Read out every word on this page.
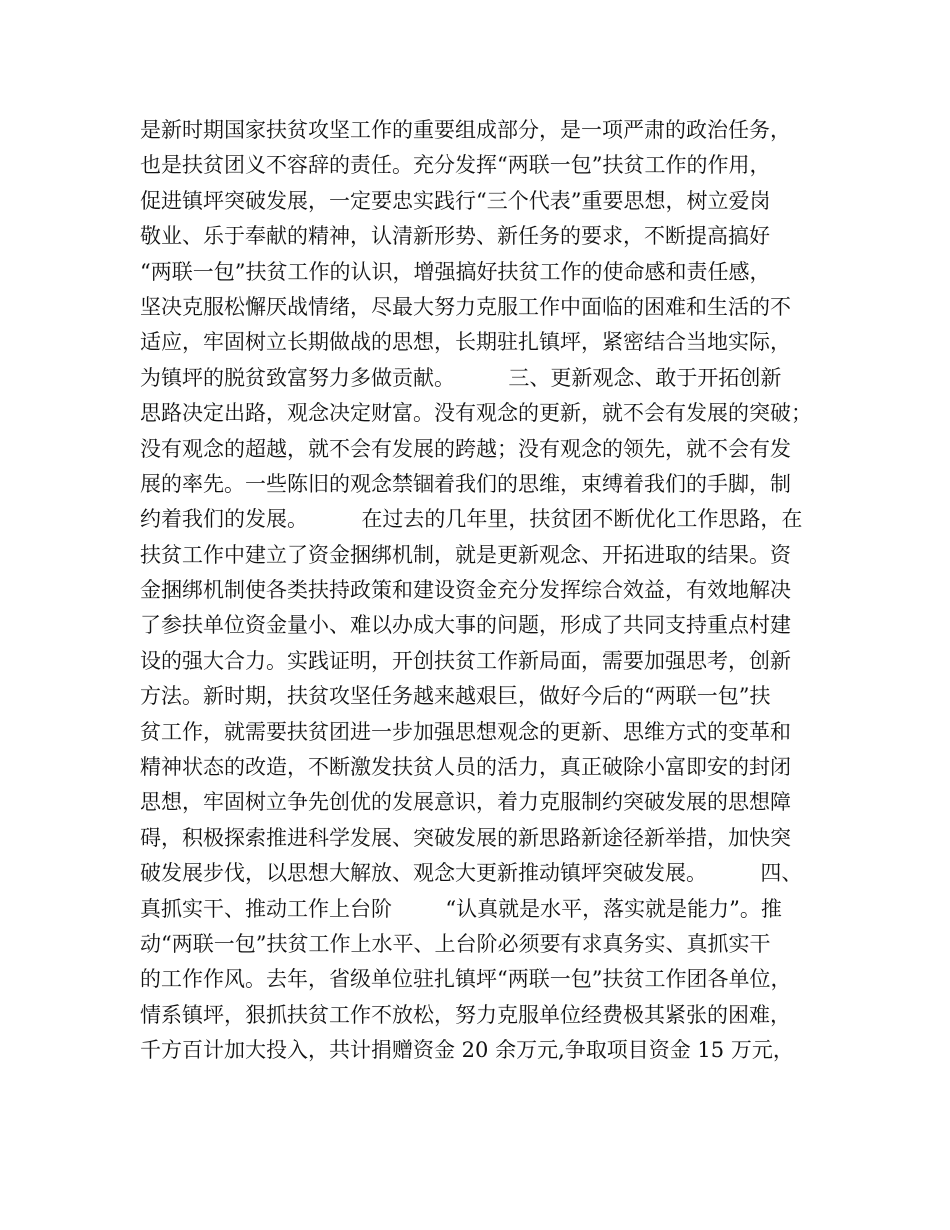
是新时期国家扶贫攻坚工作的重要组成部分，是一项严肃的政治任务，
也是扶贫团义不容辞的责任。充分发挥“两联一包”扶贫工作的作用，
促进镇坪突破发展，一定要忠实践行“三个代表”重要思想，树立爱岗
敬业、乐于奉献的精神，认清新形势、新任务的要求，不断提高搞好
“两联一包”扶贫工作的认识，增强搞好扶贫工作的使命感和责任感，
坚决克服松懈厌战情绪，尽最大努力克服工作中面临的困难和生活的不
适应，牢固树立长期做战的思想，长期驻扎镇坪，紧密结合当地实际，
为镇坪的脱贫致富努力多做贡献。        三、更新观念、敢于开拓创新
思路决定出路，观念决定财富。没有观念的更新，就不会有发展的突破；
没有观念的超越，就不会有发展的跨越；没有观念的领先，就不会有发
展的率先。一些陈旧的观念禁锢着我们的思维，束缚着我们的手脚，制
约着我们的发展。        在过去的几年里，扶贫团不断优化工作思路，在
扶贫工作中建立了资金捆绑机制，就是更新观念、开拓进取的结果。资
金捆绑机制使各类扶持政策和建设资金充分发挥综合效益，有效地解决
了参扶单位资金量小、难以办成大事的问题，形成了共同支持重点村建
设的强大合力。实践证明，开创扶贫工作新局面，需要加强思考，创新
方法。新时期，扶贫攻坚任务越来越艰巨，做好今后的“两联一包”扶
贫工作，就需要扶贫团进一步加强思想观念的更新、思维方式的变革和
精神状态的改造，不断激发扶贫人员的活力，真正破除小富即安的封闭
思想，牢固树立争先创优的发展意识，着力克服制约突破发展的思想障
碍，积极探索推进科学发展、突破发展的新思路新途径新举措，加快突
破发展步伐，以思想大解放、观念大更新推动镇坪突破发展。        四、
真抓实干、推动工作上台阶        “认真就是水平，落实就是能力”。推
动“两联一包”扶贫工作上水平、上台阶必须要有求真务实、真抓实干
的工作作风。去年，省级单位驻扎镇坪“两联一包”扶贫工作团各单位，
情系镇坪，狠抓扶贫工作不放松，努力克服单位经费极其紧张的困难，
千方百计加大投入，共计捐赠资金 20 余万元,争取项目资金 15 万元，
